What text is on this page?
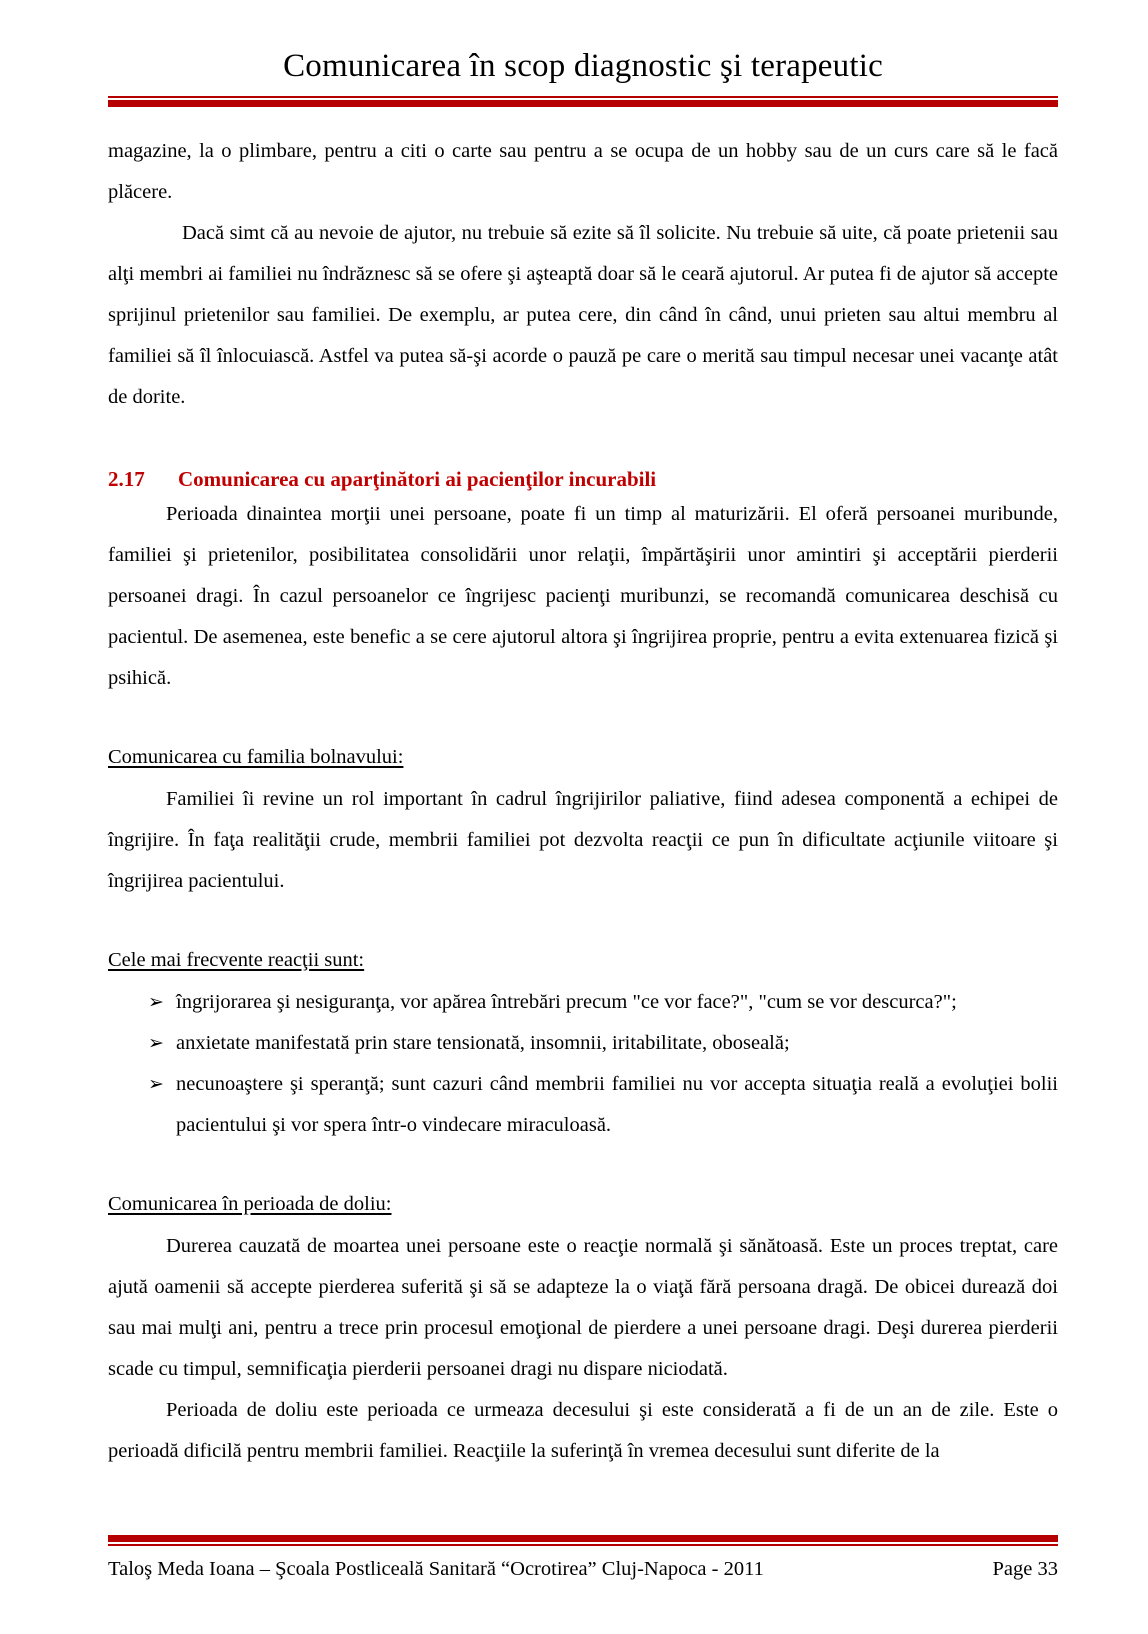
Comunicarea în scop diagnostic şi terapeutic

magazine, la o plimbare, pentru a citi o carte sau pentru a se ocupa de un hobby sau de un curs care să le facă plăcere.

Dacă simt că au nevoie de ajutor, nu trebuie să ezite să îl solicite. Nu trebuie să uite, că poate prietenii sau alţi membri ai familiei nu îndrăznesc să se ofere şi aşteaptă doar să le ceară ajutorul. Ar putea fi de ajutor să accepte sprijinul prietenilor sau familiei. De exemplu, ar putea cere, din când în când, unui prieten sau altui membru al familiei să îl înlocuiască. Astfel va putea să-şi acorde o pauză pe care o merită sau timpul necesar unei vacanţe atât de dorite.

2.17 Comunicarea cu aparţinători ai pacienţilor incurabili

Perioada dinaintea morţii unei persoane, poate fi un timp al maturizării. El oferă persoanei muribunde, familiei şi prietenilor, posibilitatea consolidării unor relaţii, împărtăşirii unor amintiri şi acceptării pierderii persoanei dragi. În cazul persoanelor ce îngrijesc pacienţi muribunzi, se recomandă comunicarea deschisă cu pacientul. De asemenea, este benefic a se cere ajutorul altora şi îngrijirea proprie, pentru a evita extenuarea fizică şi psihică.

Comunicarea cu familia bolnavului:

Familiei îi revine un rol important în cadrul îngrijirilor paliative, fiind adesea componentă a echipei de îngrijire. În faţa realităţii crude, membrii familiei pot dezvolta reacţii ce pun în dificultate acţiunile viitoare şi îngrijirea pacientului.

Cele mai frecvente reacţii sunt:

➢ îngrijorarea şi nesiguranţa, vor apărea întrebări precum "ce vor face?", "cum se vor descurca?";
➢ anxietate manifestată prin stare tensionată, insomnii, iritabilitate, oboseală;
➢ necunoaştere şi speranţă; sunt cazuri când membrii familiei nu vor accepta situaţia reală a evoluţiei bolii pacientului şi vor spera într-o vindecare miraculoasă.

Comunicarea în perioada de doliu:

Durerea cauzată de moartea unei persoane este o reacţie normală şi sănătoasă. Este un proces treptat, care ajută oamenii să accepte pierderea suferită şi să se adapteze la o viaţă fără persoana dragă. De obicei durează doi sau mai mulţi ani, pentru a trece prin procesul emoţional de pierdere a unei persoane dragi. Deşi durerea pierderii scade cu timpul, semnificaţia pierderii persoanei dragi nu dispare niciodată.

Perioada de doliu este perioada ce urmeaza decesului şi este considerată a fi de un an de zile. Este o perioadă dificilă pentru membrii familiei. Reacţiile la suferinţă în vremea decesului sunt diferite de la

Taloş Meda Ioana – Şcoala Postliceală Sanitară “Ocrotirea” Cluj-Napoca - 2011	Page 33
